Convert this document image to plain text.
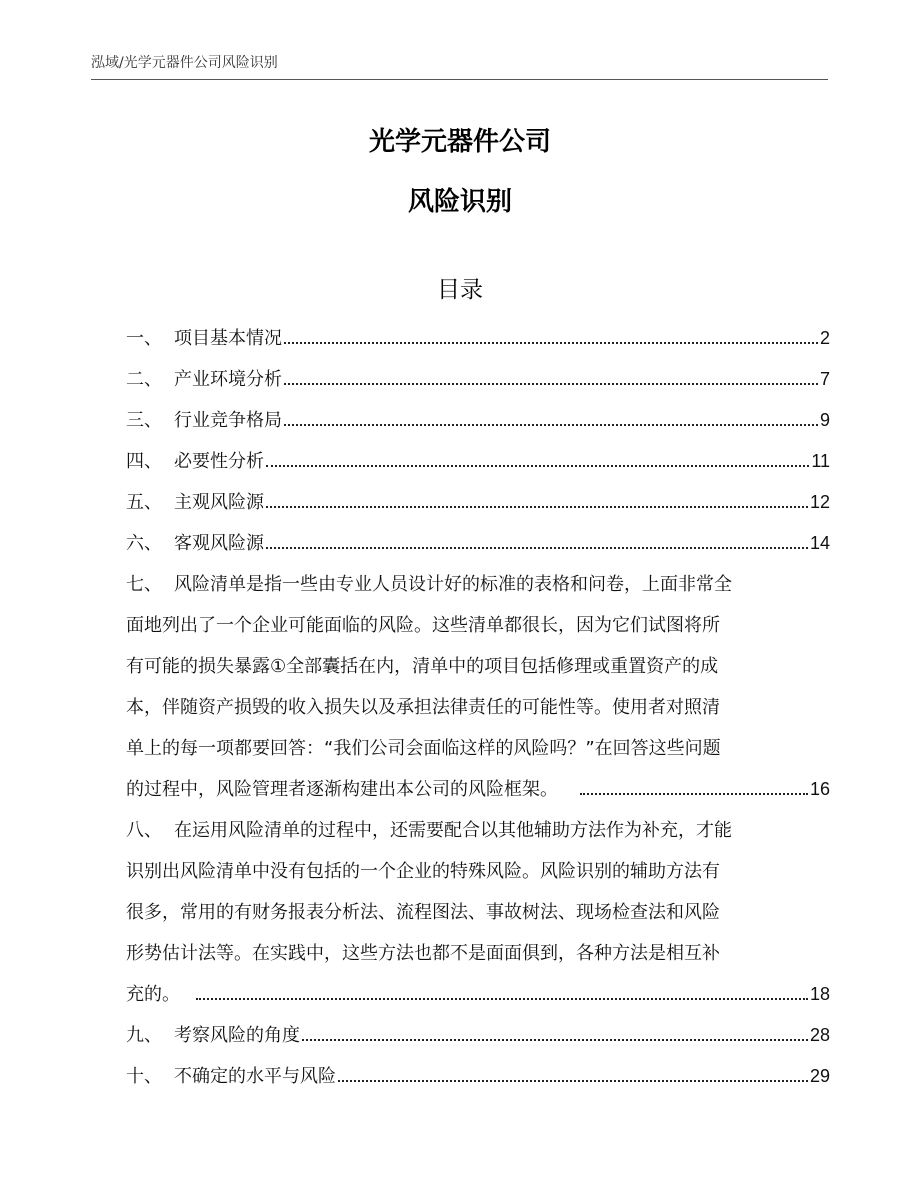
泓域/光学元器件公司风险识别
光学元器件公司
风险识别
目录
一、 项目基本情况	2
二、 产业环境分析	7
三、 行业竞争格局	9
四、 必要性分析	11
五、 主观风险源	12
六、 客观风险源	14
七、 风险清单是指一些由专业人员设计好的标准的表格和问卷，上面非常全
面地列出了一个企业可能面临的风险。这些清单都很长，因为它们试图将所
有可能的损失暴露①全部囊括在内，清单中的项目包括修理或重置资产的成
本，伴随资产损毁的收入损失以及承担法律责任的可能性等。使用者对照清
单上的每一项都要回答：“我们公司会面临这样的风险吗？”在回答这些问题
的过程中，风险管理者逐渐构建出本公司的风险框架。	16
八、 在运用风险清单的过程中，还需要配合以其他辅助方法作为补充，才能
识别出风险清单中没有包括的一个企业的特殊风险。风险识别的辅助方法有
很多，常用的有财务报表分析法、流程图法、事故树法、现场检查法和风险
形势估计法等。在实践中，这些方法也都不是面面俱到，各种方法是相互补
充的。	18
九、 考察风险的角度	28
十、 不确定的水平与风险	29
